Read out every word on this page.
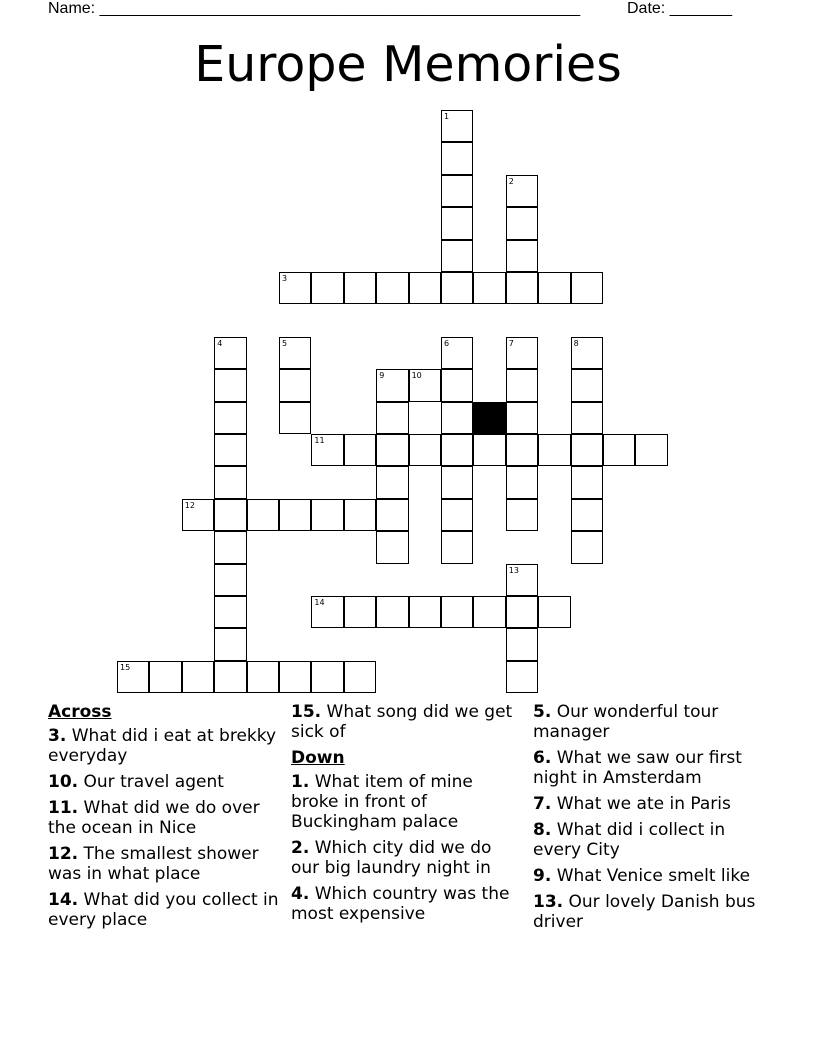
Name: ______________________________________________________	Date: _______
Europe Memories
1
2
3
4	5	6	7	8
9	10
11
12
13
14
15
Across
3. What did i eat at brekky everyday
10. Our travel agent
11. What did we do over the ocean in Nice
12. The smallest shower was in what place
14. What did you collect in every place
15. What song did we get sick of
Down
1. What item of mine broke in front of Buckingham palace
2. Which city did we do our big laundry night in
4. Which country was the most expensive
5. Our wonderful tour manager
6. What we saw our first night in Amsterdam
7. What we ate in Paris
8. What did i collect in every City
9. What Venice smelt like
13. Our lovely Danish bus driver
